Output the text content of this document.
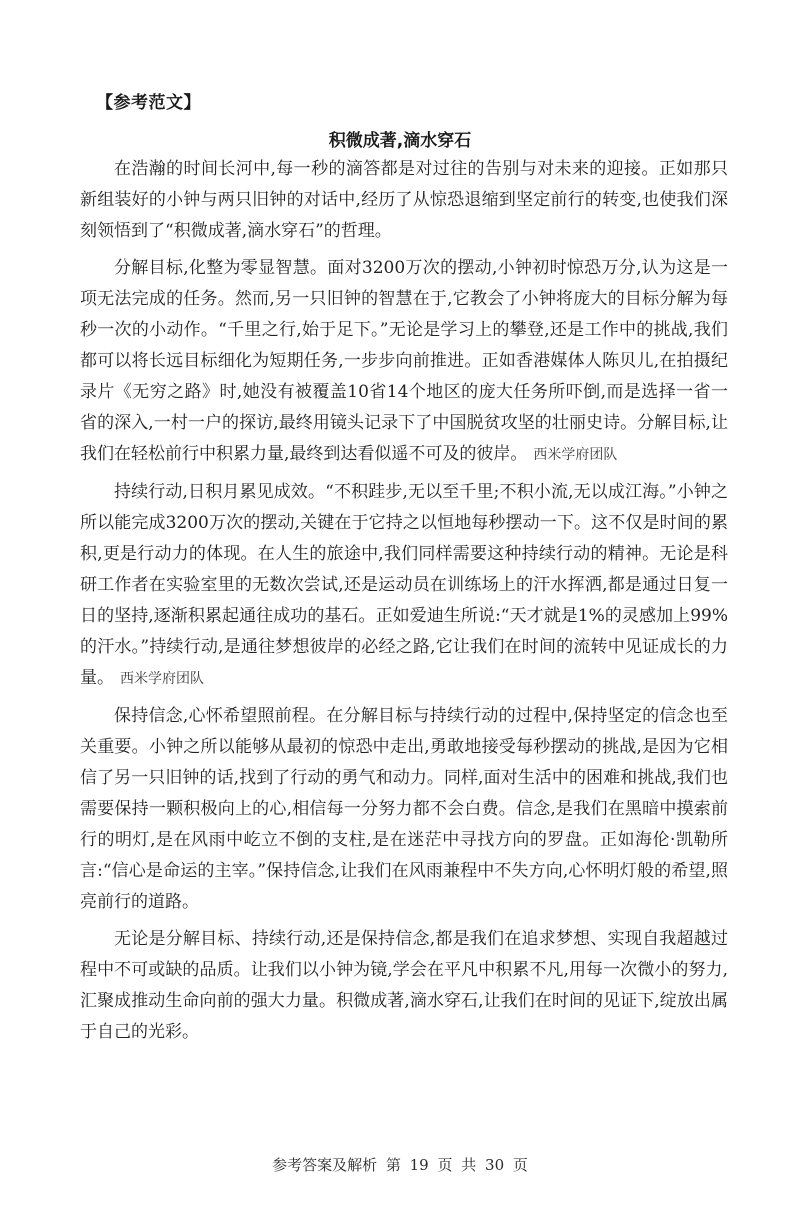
【参考范文】
积微成著,滴水穿石

在浩瀚的时间长河中,每一秒的滴答都是对过往的告别与对未来的迎接。正如那只新组装好的小钟与两只旧钟的对话中,经历了从惊恐退缩到坚定前行的转变,也使我们深刻领悟到了“积微成著,滴水穿石”的哲理。

分解目标,化整为零显智慧。面对3200万次的摆动,小钟初时惊恐万分,认为这是一项无法完成的任务。然而,另一只旧钟的智慧在于,它教会了小钟将庞大的目标分解为每秒一次的小动作。“千里之行,始于足下。”无论是学习上的攀登,还是工作中的挑战,我们都可以将长远目标细化为短期任务,一步步向前推进。正如香港媒体人陈贝儿,在拍摄纪录片《无穷之路》时,她没有被覆盖10省14个地区的庞大任务所吓倒,而是选择一省一省的深入,一村一户的探访,最终用镜头记录下了中国脱贫攻坚的壮丽史诗。分解目标,让我们在轻松前行中积累力量,最终到达看似遥不可及的彼岸。 西米学府团队

持续行动,日积月累见成效。“不积跬步,无以至千里;不积小流,无以成江海。”小钟之所以能完成3200万次的摆动,关键在于它持之以恒地每秒摆动一下。这不仅是时间的累积,更是行动力的体现。在人生的旅途中,我们同样需要这种持续行动的精神。无论是科研工作者在实验室里的无数次尝试,还是运动员在训练场上的汗水挥洒,都是通过日复一日的坚持,逐渐积累起通往成功的基石。正如爱迪生所说:“天才就是1%的灵感加上99%的汗水。”持续行动,是通往梦想彼岸的必经之路,它让我们在时间的流转中见证成长的力量。 西米学府团队

保持信念,心怀希望照前程。在分解目标与持续行动的过程中,保持坚定的信念也至关重要。小钟之所以能够从最初的惊恐中走出,勇敢地接受每秒摆动的挑战,是因为它相信了另一只旧钟的话,找到了行动的勇气和动力。同样,面对生活中的困难和挑战,我们也需要保持一颗积极向上的心,相信每一分努力都不会白费。信念,是我们在黑暗中摸索前行的明灯,是在风雨中屹立不倒的支柱,是在迷茫中寻找方向的罗盘。正如海伦·凯勒所言:“信心是命运的主宰。”保持信念,让我们在风雨兼程中不失方向,心怀明灯般的希望,照亮前行的道路。

无论是分解目标、持续行动,还是保持信念,都是我们在追求梦想、实现自我超越过程中不可或缺的品质。让我们以小钟为镜,学会在平凡中积累不凡,用每一次微小的努力,汇聚成推动生命向前的强大力量。积微成著,滴水穿石,让我们在时间的见证下,绽放出属于自己的光彩。

参考答案及解析 第 19 页 共 30 页
